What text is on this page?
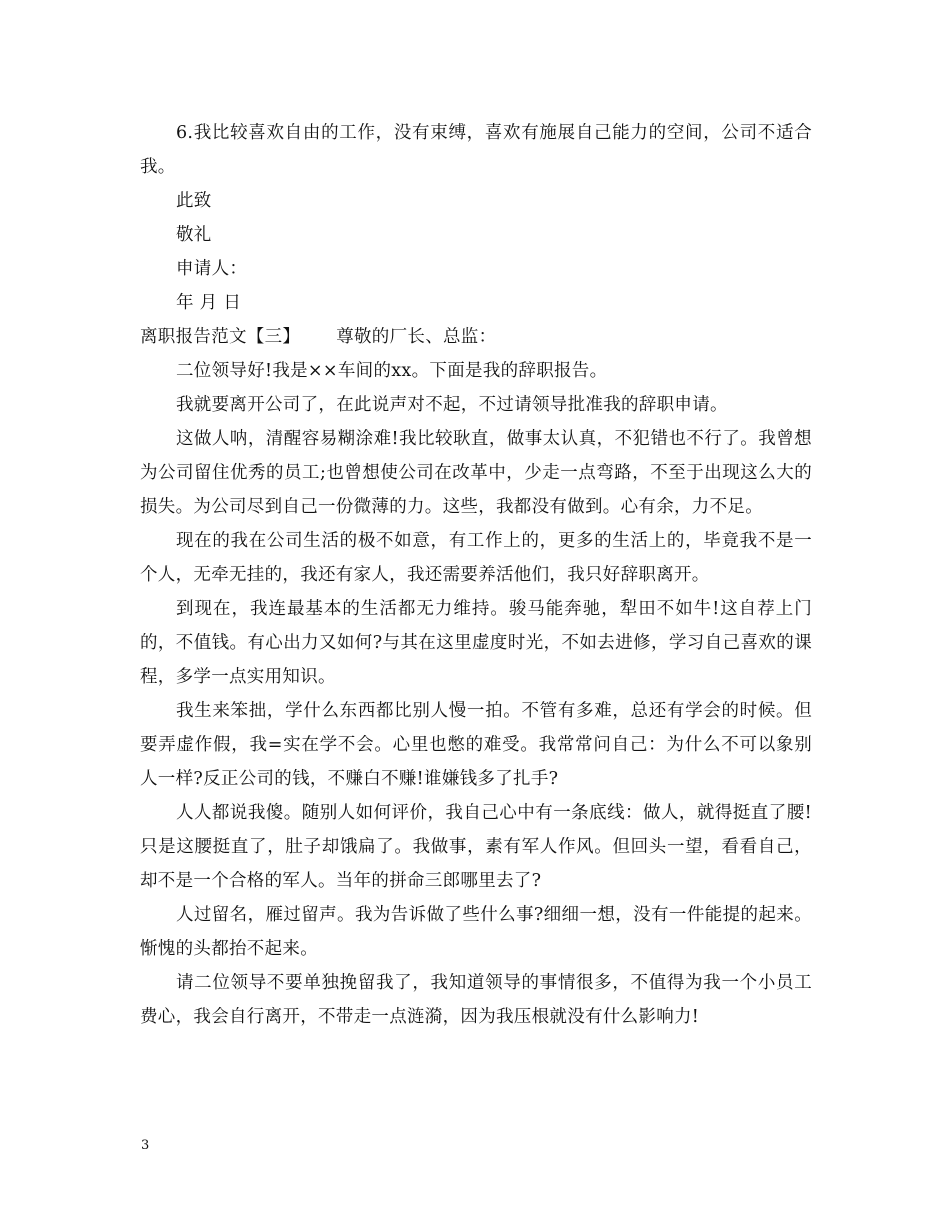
6.我比较喜欢自由的工作，没有束缚，喜欢有施展自己能力的空间，公司不适合我。

此致

敬礼

申请人：

年 月 日

离职报告范文【三】 尊敬的厂长、总监：

二位领导好!我是××车间的xx。下面是我的辞职报告。

我就要离开公司了，在此说声对不起，不过请领导批准我的辞职申请。

这做人呐，清醒容易糊涂难!我比较耿直，做事太认真，不犯错也不行了。我曾想为公司留住优秀的员工;也曾想使公司在改革中，少走一点弯路，不至于出现这么大的损失。为公司尽到自己一份微薄的力。这些，我都没有做到。心有余，力不足。

现在的我在公司生活的极不如意，有工作上的，更多的生活上的，毕竟我不是一个人，无牵无挂的，我还有家人，我还需要养活他们，我只好辞职离开。

到现在，我连最基本的生活都无力维持。骏马能奔驰，犁田不如牛!这自荐上门的，不值钱。有心出力又如何?与其在这里虚度时光，不如去进修，学习自己喜欢的课程，多学一点实用知识。

我生来笨拙，学什么东西都比别人慢一拍。不管有多难，总还有学会的时候。但要弄虚作假，我=实在学不会。心里也憋的难受。我常常问自己：为什么不可以象别人一样?反正公司的钱，不赚白不赚!谁嫌钱多了扎手?

人人都说我傻。随别人如何评价，我自己心中有一条底线：做人，就得挺直了腰!只是这腰挺直了，肚子却饿扁了。我做事，素有军人作风。但回头一望，看看自己，却不是一个合格的军人。当年的拼命三郎哪里去了?

人过留名，雁过留声。我为告诉做了些什么事?细细一想，没有一件能提的起来。惭愧的头都抬不起来。

请二位领导不要单独挽留我了，我知道领导的事情很多，不值得为我一个小员工费心，我会自行离开，不带走一点涟漪，因为我压根就没有什么影响力!

3
